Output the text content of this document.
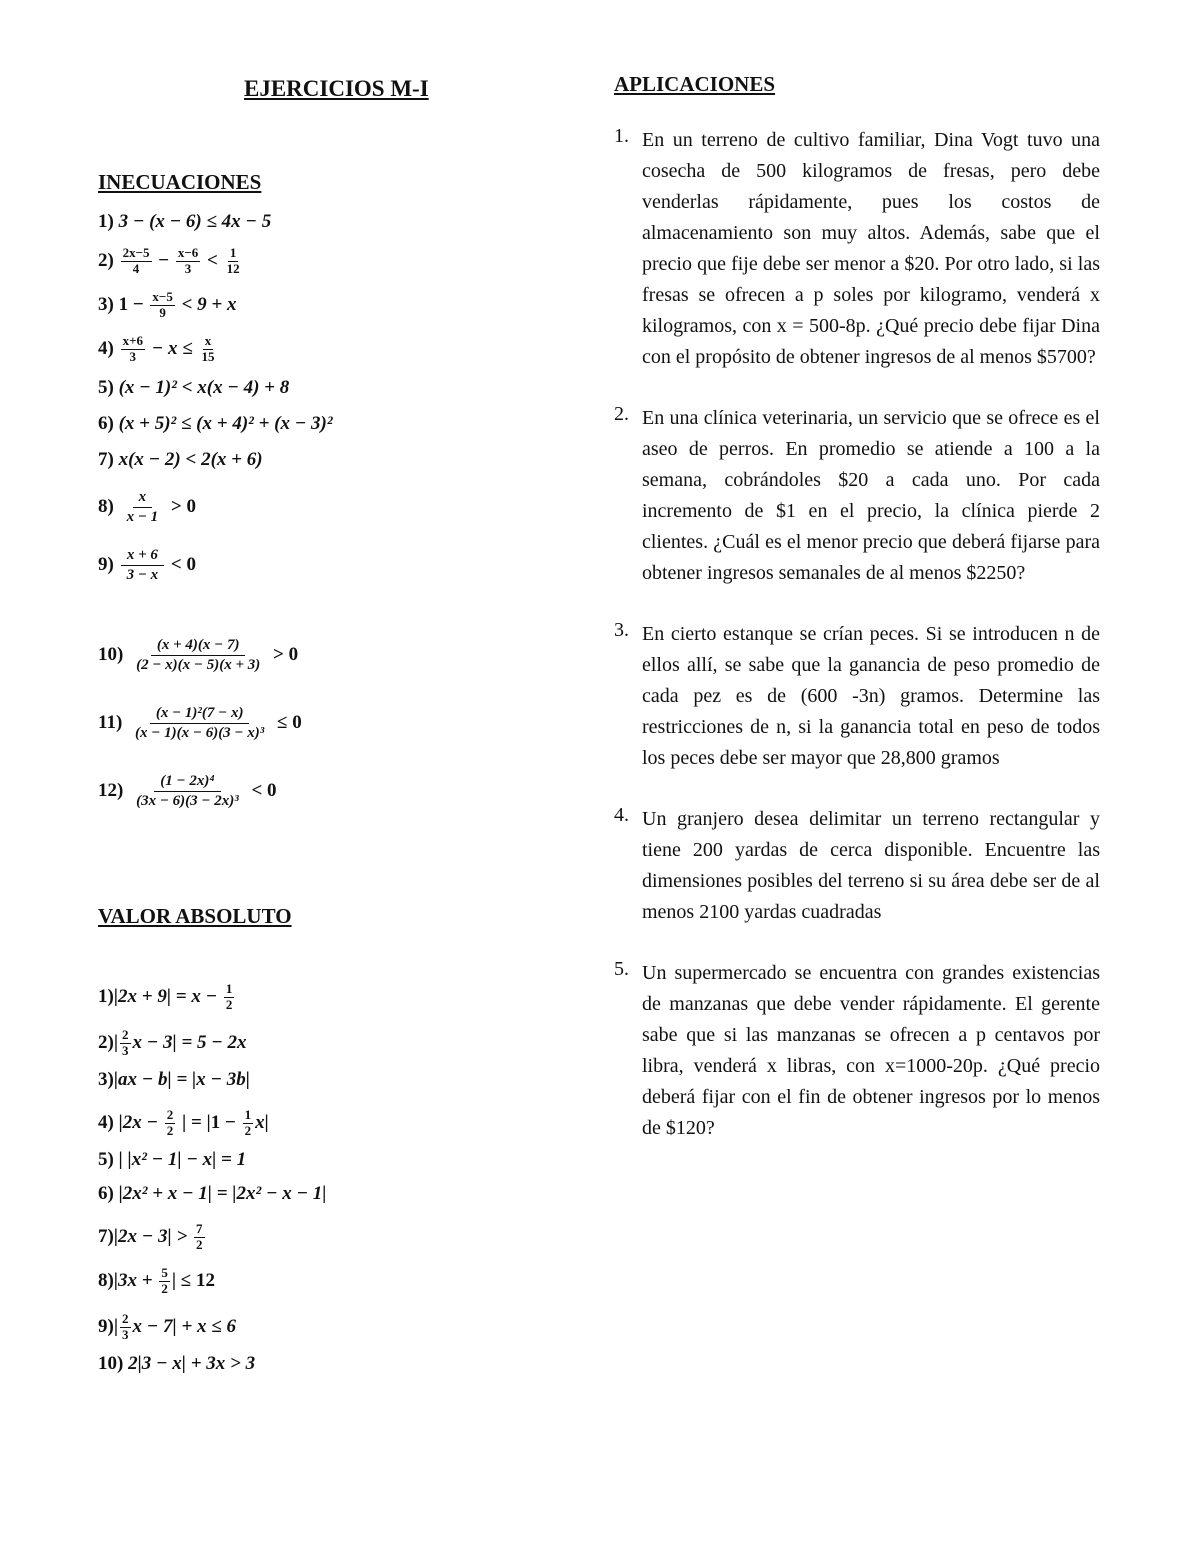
EJERCICIOS M-I	APLICACIONES
INECUACIONES
1) 3 − (x − 6) ≤ 4x − 5
$2) \frac{2x-5}{4} - \frac{x-6}{3} < \frac{1}{12}$
3) $1 - \frac{x-5}{9} < 9 + x$
$4) \frac{x+6}{3} - x \le \frac{x}{15}$
5) (x − 1)² < x(x − 4) + 8
6) (x + 5)² ≤ (x + 4)² + (x − 3)²
7) x(x − 2) < 2(x + 6)
$8) \frac{x}{x - 1} > 0$
$9) \frac{x + 6}{3 - x} < 0$
$10) \frac{(x + 4)(x - 7)}{(2 - x)(x - 5)(x + 3)} > 0$
$11) \frac{\text{(x − 1)²(7 − x)}}{\text{(x − 1)(x − 6)(3 − x)³}} \le 0$
$12) \frac{\text{(1 − 2x)⁴}}{\text{(3x − 6)(3 − 2x)³}} < 0$
VALOR ABSOLUTO
$1)|2x + 9| = x - \frac{1}{2}$
$2)| \frac{2}{3}$ x − 3| = 5 − 2x
3)|ax − b| = |x − 3b|
4) $|2x - \frac{2}{2}$ | = $|1 - \frac{1}{2} x|$
5) | |x² − 1| − x| = 1
6) |2x² + x − 1| = |2x² − x − 1|
$7)|2x - 3| > \frac{7}{2}$
$8)|3x + \frac{5}{2}$ | ≤ 12
$9)| \frac{2}{3}$ x − 7| + x ≤ 6
10) 2|3 − x| + 3x > 3
1. En un terreno de cultivo familiar, Dina Vogt tuvo una cosecha de 500 kilogramos de fresas, pero debe venderlas rápidamente, pues los costos de almacenamiento son muy altos. Además, sabe que el precio que fije debe ser menor a $20. Por otro lado, si las fresas se ofrecen a p soles por kilogramo, venderá x kilogramos, con x = 500-8p. ¿Qué precio debe fijar Dina con el propósito de obtener ingresos de al menos $5700?
2. En una clínica veterinaria, un servicio que se ofrece es el aseo de perros. En promedio se atiende a 100 a la semana, cobrándoles $20 a cada uno. Por cada incremento de $1 en el precio, la clínica pierde 2 clientes. ¿Cuál es el menor precio que deberá fijarse para obtener ingresos semanales de al menos $2250?
3. En cierto estanque se crían peces. Si se introducen n de ellos allí, se sabe que la ganancia de peso promedio de cada pez es de (600 -3n) gramos. Determine las restricciones de n, si la ganancia total en peso de todos los peces debe ser mayor que 28,800 gramos
4. Un granjero desea delimitar un terreno rectangular y tiene 200 yardas de cerca disponible. Encuentre las dimensiones posibles del terreno si su área debe ser de al menos 2100 yardas cuadradas
5. Un supermercado se encuentra con grandes existencias de manzanas que debe vender rápidamente. El gerente sabe que si las manzanas se ofrecen a p centavos por libra, venderá x libras, con x=1000-20p. ¿Qué precio deberá fijar con el fin de obtener ingresos por lo menos de $120?
